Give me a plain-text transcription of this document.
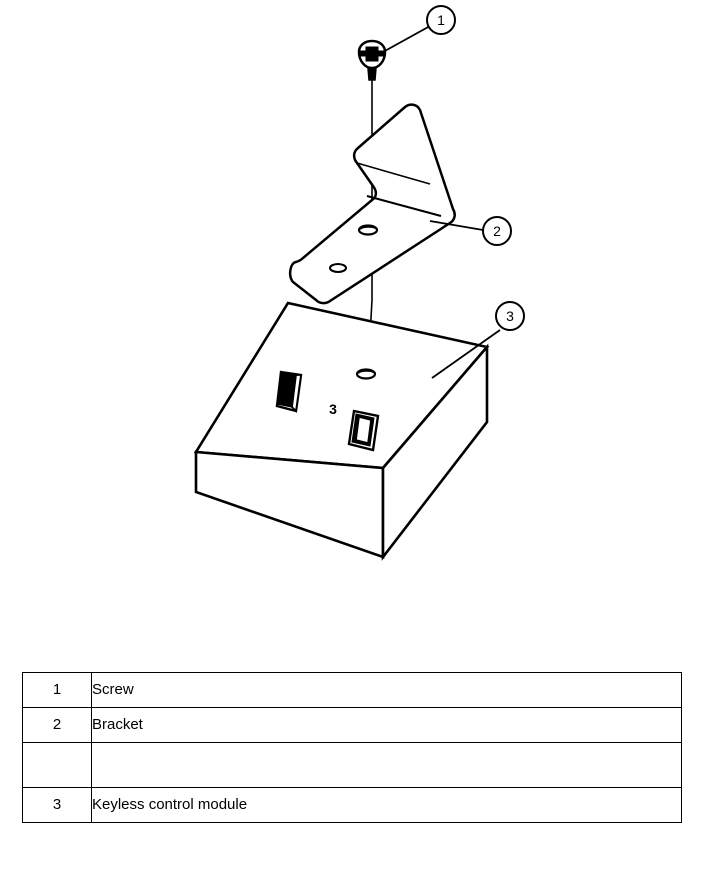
3
1
2
3
1	Screw
2	Bracket

3	Keyless control module
